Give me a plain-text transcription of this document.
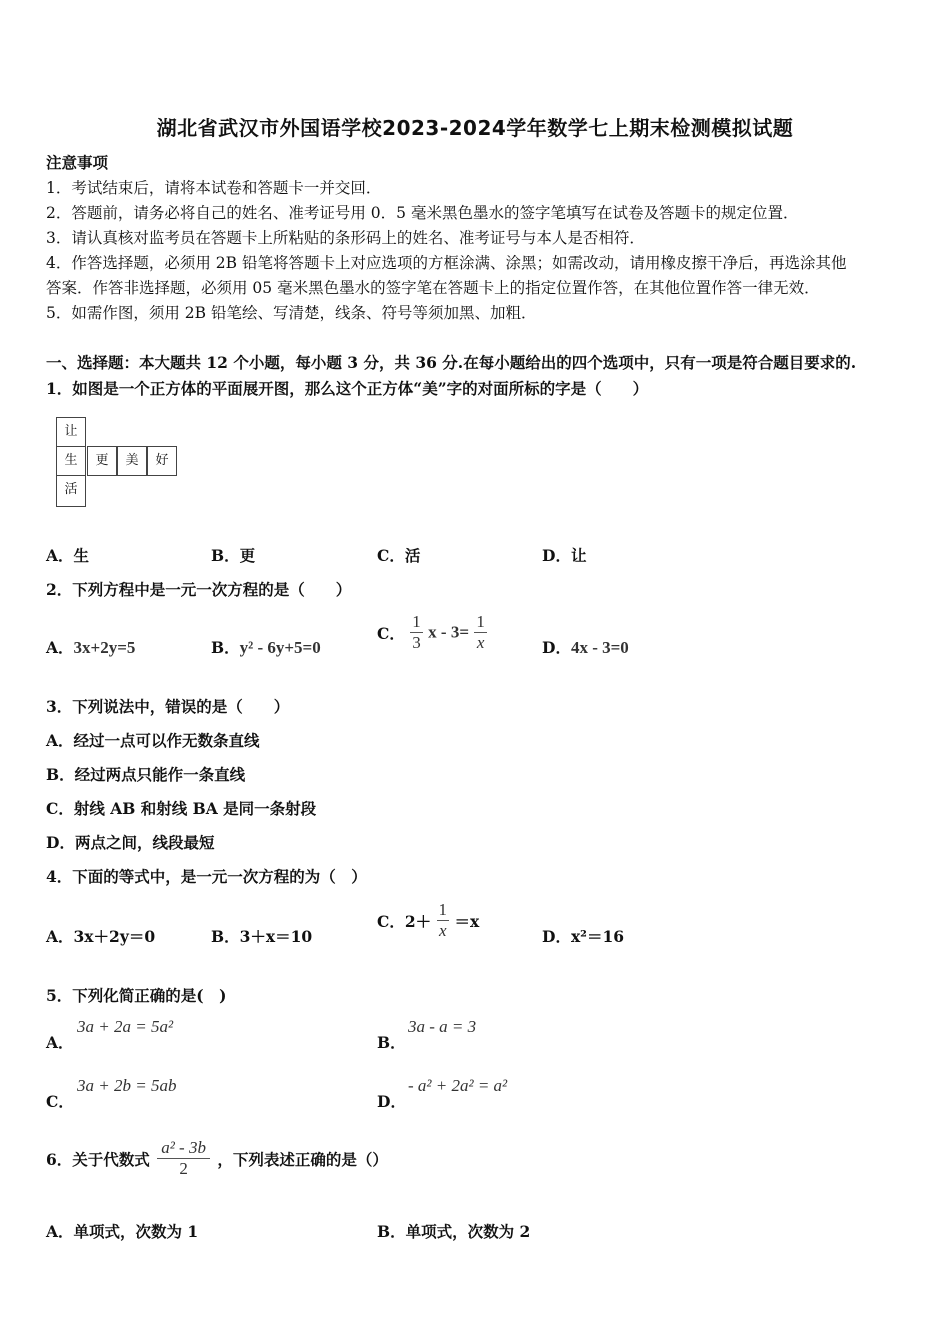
湖北省武汉市外国语学校2023-2024学年数学七上期末检测模拟试题
注意事项
1．考试结束后，请将本试卷和答题卡一并交回．
2．答题前，请务必将自己的姓名、准考证号用 0．5 毫米黑色墨水的签字笔填写在试卷及答题卡的规定位置．
3．请认真核对监考员在答题卡上所粘贴的条形码上的姓名、准考证号与本人是否相符．
4．作答选择题，必须用 2B 铅笔将答题卡上对应选项的方框涂满、涂黑；如需改动，请用橡皮擦干净后，再选涂其他
答案．作答非选择题，必须用 05 毫米黑色墨水的签字笔在答题卡上的指定位置作答，在其他位置作答一律无效．
5．如需作图，须用 2B 铅笔绘、写清楚，线条、符号等须加黑、加粗．
一、选择题：本大题共 12 个小题，每小题 3 分，共 36 分.在每小题给出的四个选项中，只有一项是符合题目要求的.
1．如图是一个正方体的平面展开图，那么这个正方体“美”字的对面所标的字是（　　）
让
生	更	美	好
活
A．生	B．更	C．活	D．让
2．下列方程中是一元一次方程的是（　　）
A．3x+2y=5	B．y² - 6y+5=0
C． $\frac{1}{3}$ $x - 3= \frac{1}{x}$	D．4x - 3=0
3．下列说法中，错误的是（　　）
A．经过一点可以作无数条直线
B．经过两点只能作一条直线
C．射线 AB 和射线 BA 是同一条射段
D．两点之间，线段最短
4．下面的等式中，是一元一次方程的为（　）
A．3x＋2y＝0	B．3＋x＝10
C．$2+ \frac{1}{x} =x$
D．x²＝16
5．下列化简正确的是(　)
A．
3a + 2a = 5a²
B．
3a - a = 3
C．
3a + 2b = 5ab
D．
- a² + 2a² = a²
6．关于代数式 $\frac{\text{a² - 3b}}{2}$ ，下列表述正确的是（）
A．单项式，次数为 1	B．单项式，次数为 2
